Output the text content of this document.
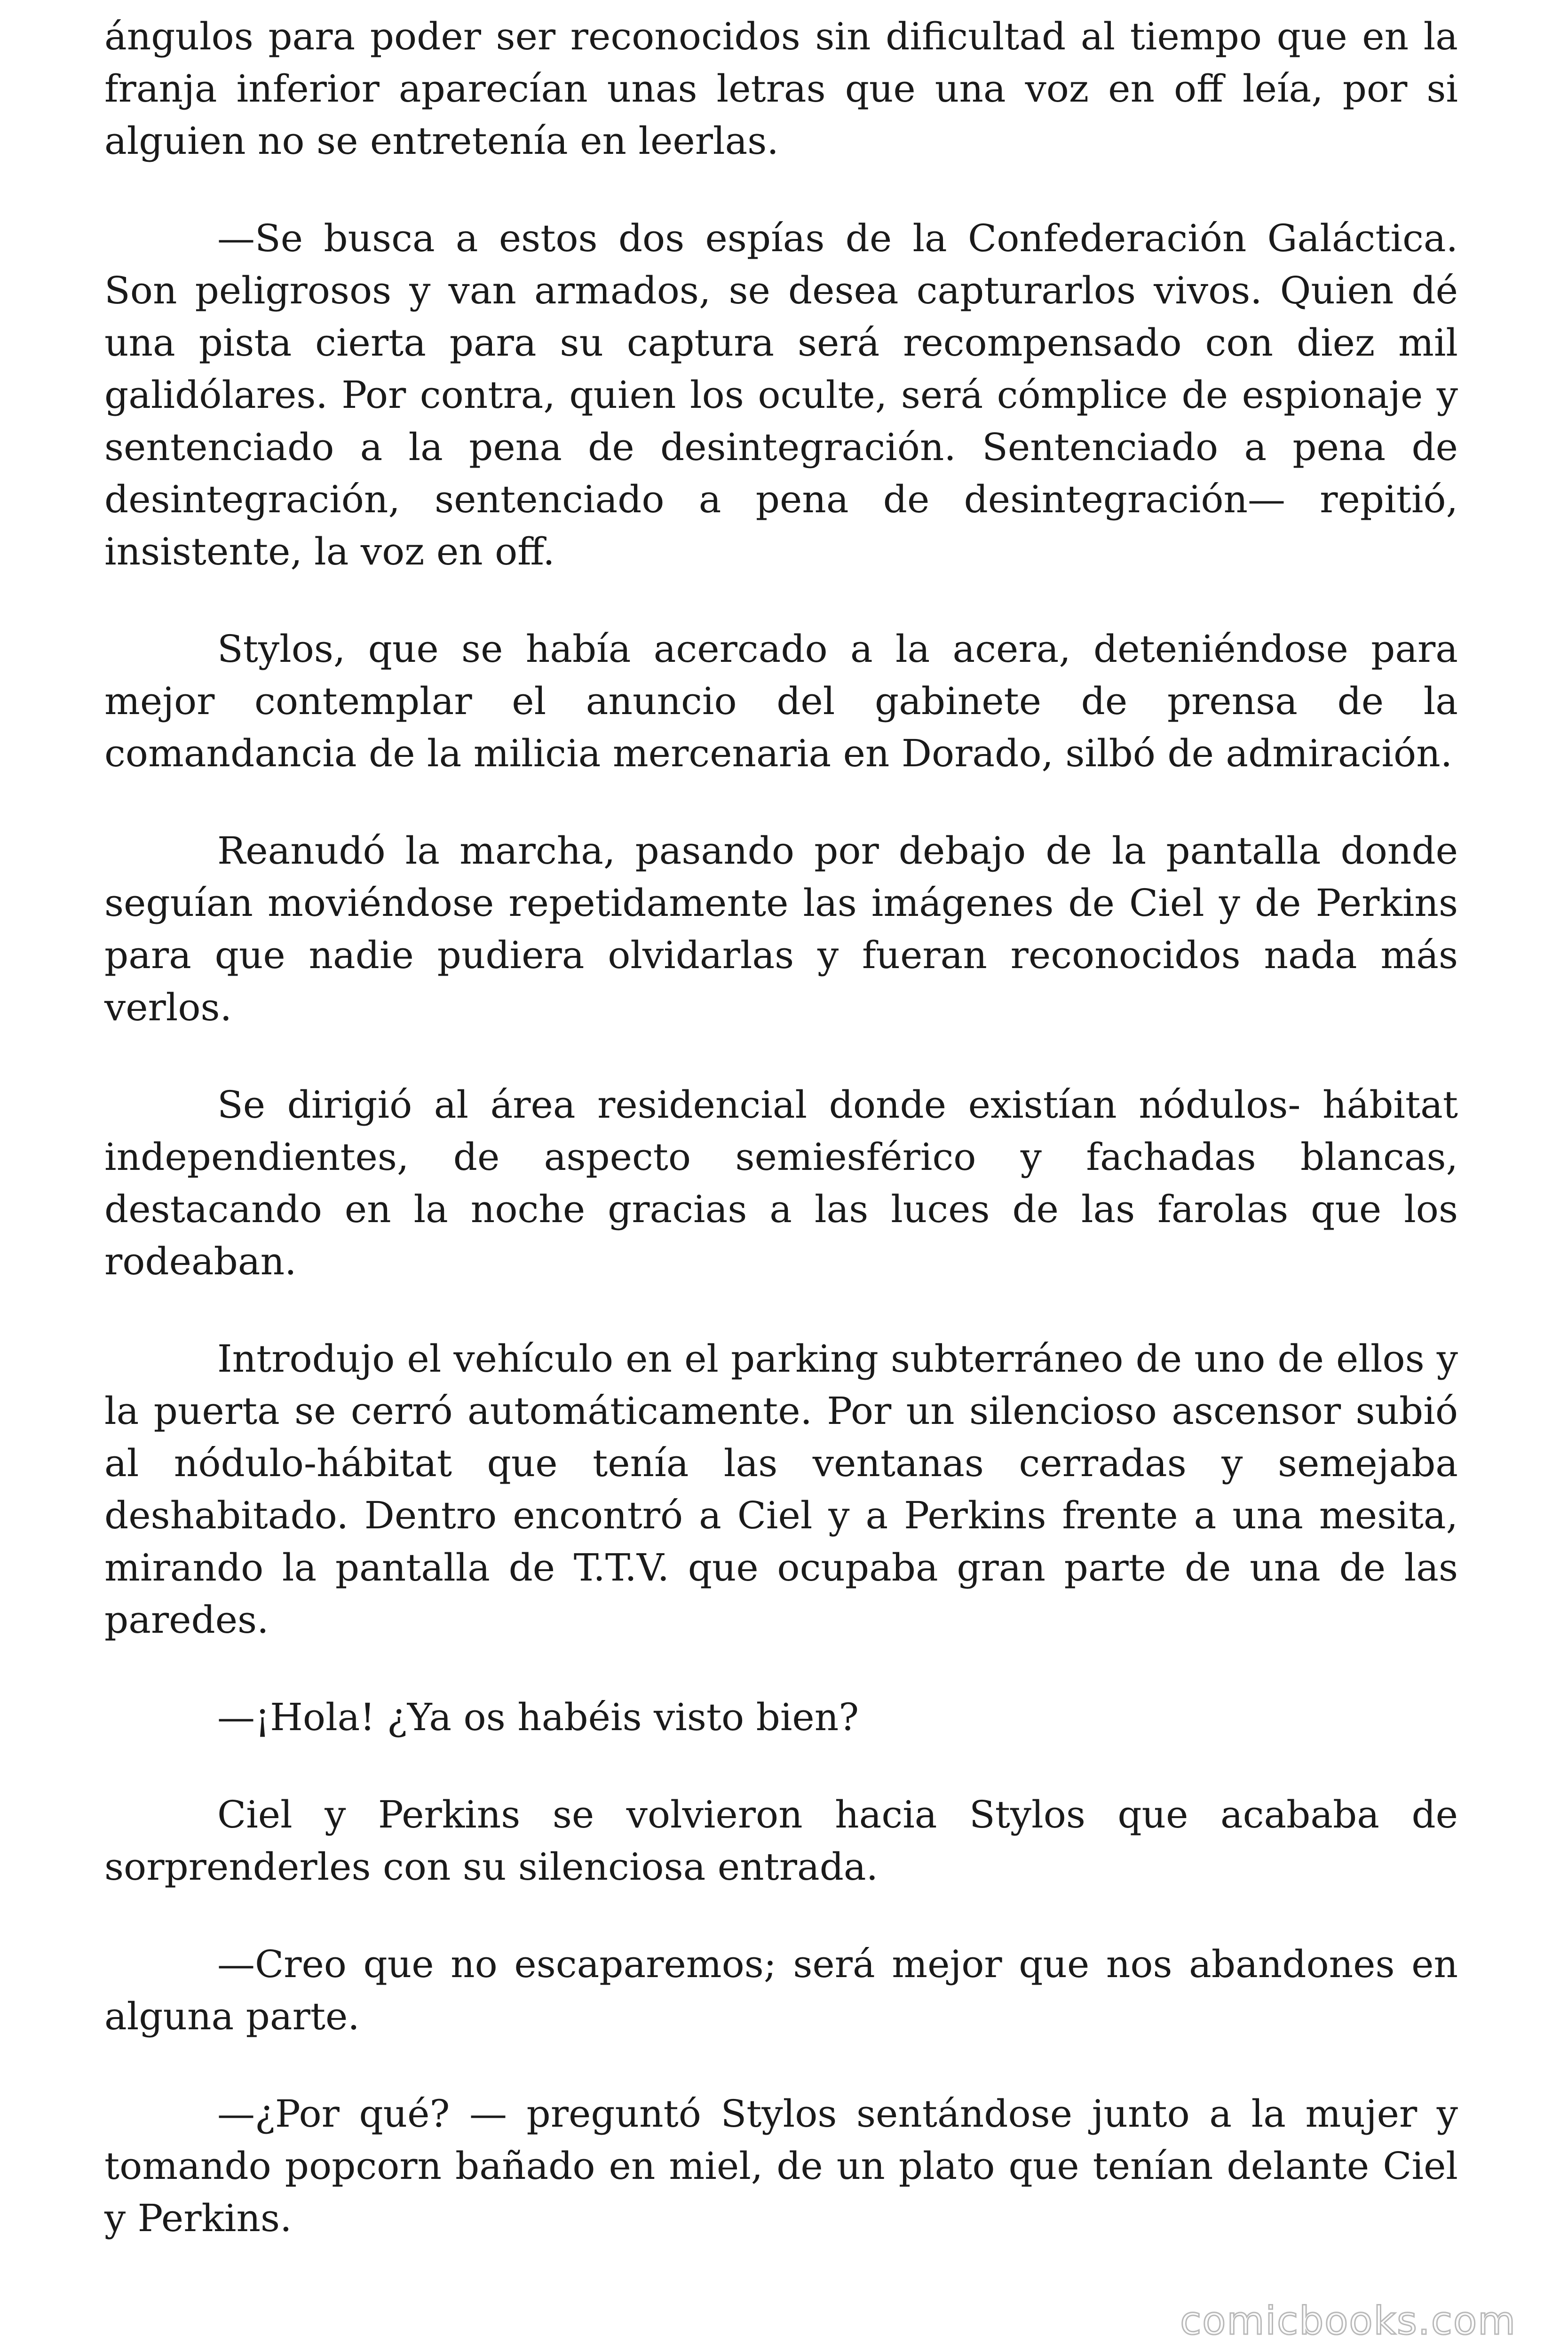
ángulos para poder ser reconocidos sin dificultad al tiempo que en la franja inferior aparecían unas letras que una voz en off leía, por si alguien no se entretenía en leerlas.

—Se busca a estos dos espías de la Confederación Galáctica. Son peligrosos y van armados, se desea capturarlos vivos. Quien dé una pista cierta para su captura será recompensado con diez mil galidólares. Por contra, quien los oculte, será cómplice de espionaje y sentenciado a la pena de desintegración. Sentenciado a pena de desintegración, sentenciado a pena de desintegración— repitió, insistente, la voz en off.

Stylos, que se había acercado a la acera, deteniéndose para mejor contemplar el anuncio del gabinete de prensa de la comandancia de la milicia mercenaria en Dorado, silbó de admiración.

Reanudó la marcha, pasando por debajo de la pantalla donde seguían moviéndose repetidamente las imágenes de Ciel y de Perkins para que nadie pudiera olvidarlas y fueran reconocidos nada más verlos.

Se dirigió al área residencial donde existían nódulos- hábitat independientes, de aspecto semiesférico y fachadas blancas, destacando en la noche gracias a las luces de las farolas que los rodeaban.

Introdujo el vehículo en el parking subterráneo de uno de ellos y la puerta se cerró automáticamente. Por un silencioso ascensor subió al nódulo-hábitat que tenía las ventanas cerradas y semejaba deshabitado. Dentro encontró a Ciel y a Perkins frente a una mesita, mirando la pantalla de T.T.V. que ocupaba gran parte de una de las paredes.

—¡Hola! ¿Ya os habéis visto bien?

Ciel y Perkins se volvieron hacia Stylos que acababa de sorprenderles con su silenciosa entrada.

—Creo que no escaparemos; será mejor que nos abandones en alguna parte.

—¿Por qué? — preguntó Stylos sentándose junto a la mujer y tomando popcorn bañado en miel, de un plato que tenían delante Ciel y Perkins.

comicbooks.com
